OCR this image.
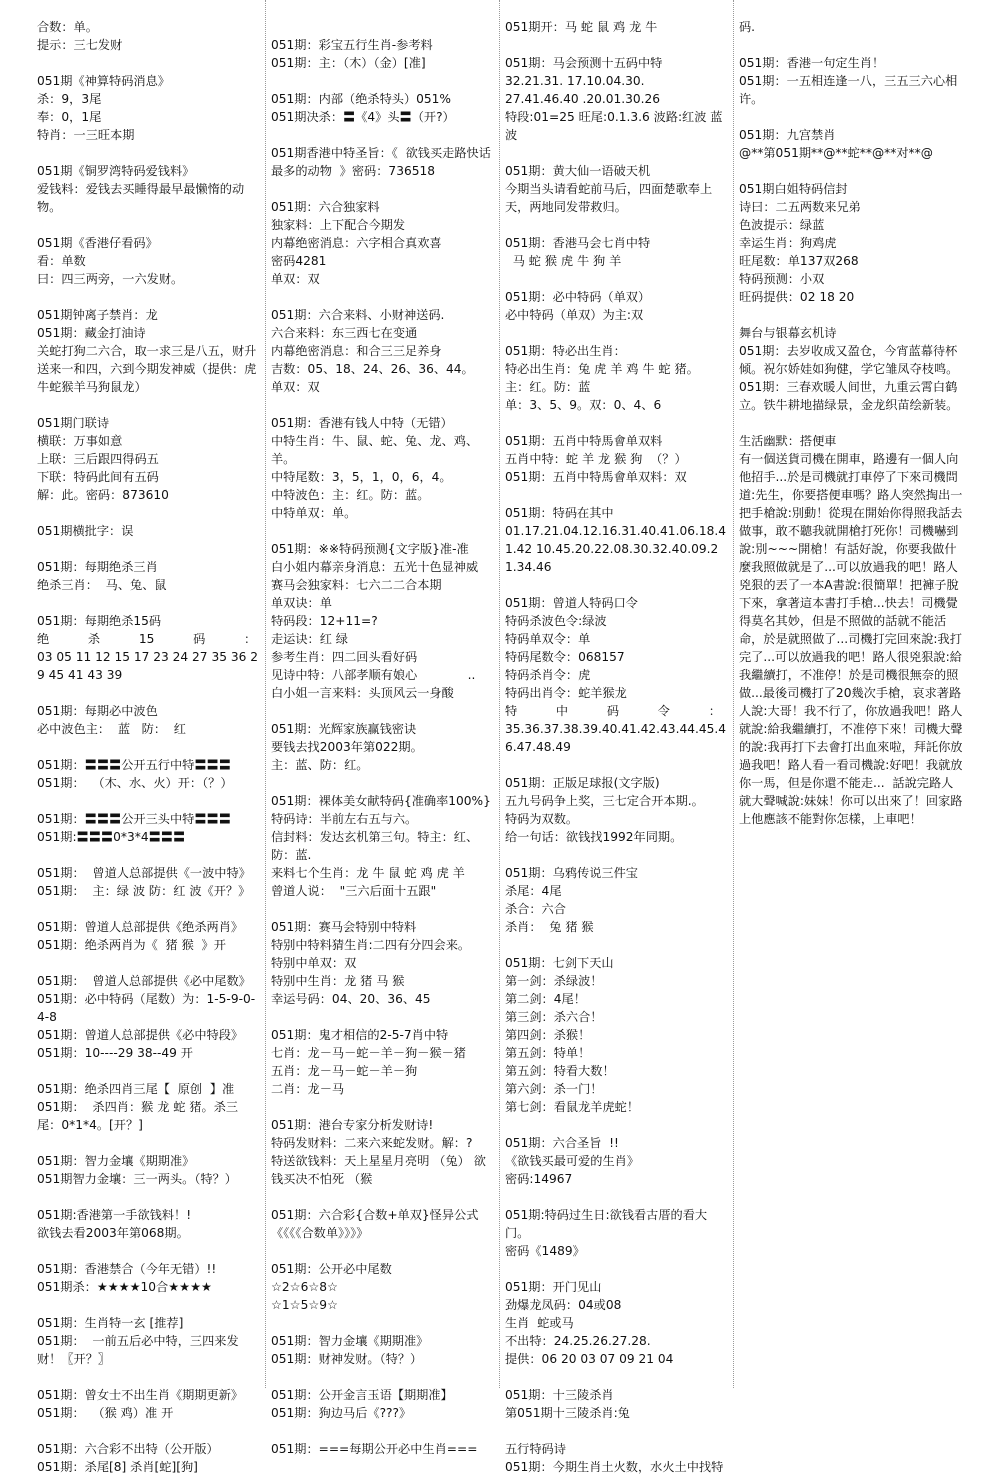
合数：单。
提示：三七发财
051期《神算特码消息》
杀：9，3尾
奉：0，1尾
特肖：一三旺本期
051期《铜罗湾特码爱钱料》
爱钱料：爱钱去买睡得最早最懒惰的动物。
051期《香港仔看码》
看：单数
曰：四三两旁，一六发财。
051期钟离子禁肖：龙
051期：藏金打油诗
关蛇打狗二六合，取一求三是八五，财升送来一和四，六到今期发神威（提供：虎牛蛇猴羊马狗鼠龙）
051期门联诗
横联：万事如意
上联：三后跟四得码五
下联：特码此间有五码
解：此。密码：873610
051期横批字：误
051期：每期绝杀三肖
绝杀三肖：  马、兔、鼠
051期：每期绝杀15码
绝          杀          15          码          ：
03 05 11 12 15 17 23 24 27 35 36 29 45 41 43 39
051期：每期必中波色
必中波色主：  蓝   防：  红
051期：〓〓〓公开五行中特〓〓〓
051期：  （木、水、火）开：（？）
051期：〓〓〓公开三头中特〓〓〓
051期:〓〓〓0*3*4〓〓〓
051期：  曾道人总部提供《一波中特》
051期：  主：绿 波 防：红 波《开？》
051期：曾道人总部提供《绝杀两肖》
051期：绝杀两肖为《  猪 猴  》开
051期：  曾道人总部提供《必中尾数》
051期：必中特码（尾数）为：1-5-9-0-4-8
051期：曾道人总部提供《必中特段》
051期：10----29 38--49 开
051期：绝杀四肖三尾【  原创  】准
051期：  杀四肖：猴 龙 蛇 猪。杀三尾：0*1*4。[开？]
051期：智力金壤《期期准》
051期智力金壤：三一两头。（特？）
051期:香港第一手欲钱料！!
欲钱去看2003年第068期。
051期：香港禁合（今年无错）!!
051期杀：★★★★10合★★★★
051期：生肖特一玄 [推荐]
051期：  一前五后必中特，三四来发财！〖开？〗
051期：曾女士不出生肖《期期更新》
051期：  （猴 鸡）准 开
051期：六合彩不出特（公开版）
051期：杀尾[8] 杀肖[蛇][狗]
051期：彩宝五行生肖-参考料
051期：主：（木）（金）[准]
051期：内部（绝杀特头）051%
051期决杀：〓《4》头〓（开?）
051期香港中特圣旨：《  欲钱买走路快话最多的动物  》密码：736518
051期：六合独家料
独家料：上下配合今期发
内幕绝密消息：六字相合真欢喜
密码4281
单双：双
051期：六合来料、小财神送码.
六合来料：东三西七在变通
内幕绝密消息：和合三三足养身
吉数：05、18、24、26、36、44。
单双：双
051期：香港有钱人中特（无错）
中特生肖：牛、鼠、蛇、兔、龙、鸡、羊。
中特尾数：3，5，1，0，6，4。
中特波色：主：红。防：蓝。
中特单双：单。
051期：※※特码预测{文字版}准-准
白小姐内幕亲身消息：五光十色显神威
赛马会独家料：七六二二合本期
单双诀：单
特码段：12+11=?
走运诀：红 绿
参考生肖：四二回头看好码
见诗中特：八部孝顺有娘心             ..
白小姐一言来料：头顶风云一身酸
051期：光辉家族赢钱密诀
要钱去找2003年第022期。
主：蓝、防：红。
051期：裸体美女献特码{准确率100%}
特码诗：半前左右五与六。
信封料：发达玄机第三句。特主：红、防：蓝.
来料七个生肖：龙 牛 鼠 蛇 鸡 虎 羊
曾道人说：  "三六后面十五跟"
051期：赛马会特别中特料
特别中特料猜生肖:二四有分四会来。
特别中单双：双
特别中生肖：龙 猪 马 猴
幸运号码：04、20、36、45
051期：鬼才相信的2-5-7肖中特
七肖：龙－马－蛇－羊－狗－猴－猪
五肖：龙－马－蛇－羊－狗
二肖：龙－马
051期：港台专家分析发财诗!
特码发财料：二来六来蛇发财。解：?
特送欲钱料：天上星星月亮明 （兔） 欲钱买决不怕死 （猴
051期：六合彩{合数+单双}怪异公式
《《《《合数单》》》》
051期：公开必中尾数
☆2☆6☆8☆
☆1☆5☆9☆
051期：智力金壤《期期准》
051期：财神发财。（特？）
051期：公开金言玉语【期期准】
051期：狗边马后《???》
051期：===每期公开必中生肖===
051期开：马 蛇 鼠 鸡 龙 牛
051期：马会预测十五码中特
32.21.31. 17.10.04.30.
27.41.46.40 .20.01.30.26
特段:01=25 旺尾:0.1.3.6 波路:红波 蓝波
051期：黄大仙一语破天机
今期当头请看蛇前马后，四面楚歌奉上天，两地同发带救归。
051期：香港马会七肖中特
马 蛇 猴 虎 牛 狗 羊
051期：必中特码（单双）
必中特码（单双）为主:双
051期：特必出生肖：
特必出生肖：兔 虎 羊 鸡 牛 蛇 猪。
主：红。防：蓝
单：3、5、9。双：0、4、6
051期：五肖中特馬會单双料
五肖中特：蛇 羊 龙 猴 狗  （？）
051期：五肖中特馬會单双料：双
051期：特码在其中
01.17.21.04.12.16.31.40.41.06.18.41.42 10.45.20.22.08.30.32.40.09.21.34.46
051期：曾道人特码口令
特码杀波色令:绿波
特码单双令：单
特码尾数令：068157
特码杀肖令：虎
特码出肖令：蛇羊猴龙
特          中          码          令          ：
35.36.37.38.39.40.41.42.43.44.45.46.47.48.49
051期：正版足球报(文字版)
五九号码争上奖，三七定合开本期.。
特码为双数。
给一句话：欲钱找1992年同期。
051期：乌鸦传说三件宝
杀尾：4尾
杀合：六合
杀肖：  兔 猪 猴
051期：七剑下天山
第一剑：杀绿波！
第二剑：4尾！
第三剑：杀六合！
第四剑：杀猴！
第五剑：特单！
第五剑：特看大数！
第六剑：杀一门！
第七剑：看鼠龙羊虎蛇！
051期：六合圣旨  !!
《欲钱买最可爱的生肖》
密码:14967
051期:特码过生日:欲钱看古厝的看大门。
密码《1489》
051期：开门见山
劲爆龙凤码：04或08
生肖  蛇或马
不出特：24.25.26.27.28.
提供：06 20 03 07 09 21 04
051期：十三陵杀肖
第051期十三陵杀肖:兔
五行特码诗
051期：今期生肖土火数，水火土中找特
码.
051期：香港一句定生肖！
051期：一五相连逢一八，三五三六心相许。
051期：九宫禁肖
@**第051期**@**蛇**@**对**@
051期白姐特码信封
诗曰：二五两数来兄弟
色波提示：绿蓝
幸运生肖：狗鸡虎
旺尾数：单137双268
特码预测：小双
旺码提供：02 18 20
舞台与银幕玄机诗
051期：去岁收成又盈仓，今宵蓝幕待杯倾。祝尔娇娃如狗健，学它雏凤夺枝鸣。
051期：三春欢暖人间世，九重云霄白鹤立。铁牛耕地描绿景，金龙织苗绘新装。
生活幽默：搭便車
有一個送貨司機在開車，路邊有一個人向他招手...於是司機就打車停了下來司機問道:先生，你要搭便車嗎？路人突然掏出一把手槍說:別動！從現在開始你得照我話去做事，敢不聽我就開槍打死你！司機嚇到說:別~~~開槍！有話好說，你要我做什麼我照做就是了...可以放過我的吧！路人兇狠的丟了一本A書說:很簡單！把褲子脫下來，拿著這本書打手槍...快去！司機覺得莫名其妙，但是不照做的話就不能活命，於是就照做了...司機打完回來說:我打完了...可以放過我的吧！路人很兇狠說:給我繼續打，不准停！於是司機很無奈的照做...最後司機打了20幾次手槍，哀求著路人說:大哥！我不行了，你放過我吧！路人就說:給我繼續打，不准停下來！司機大聲的說:我再打下去會打出血來啦，拜託你放過我吧！路人看一看司機說:好吧！我就放你一馬，但是你還不能走...  話說完路人就大聲喊說:妹妹！你可以出來了！回家路上他應該不能對你怎樣，上車吧！
